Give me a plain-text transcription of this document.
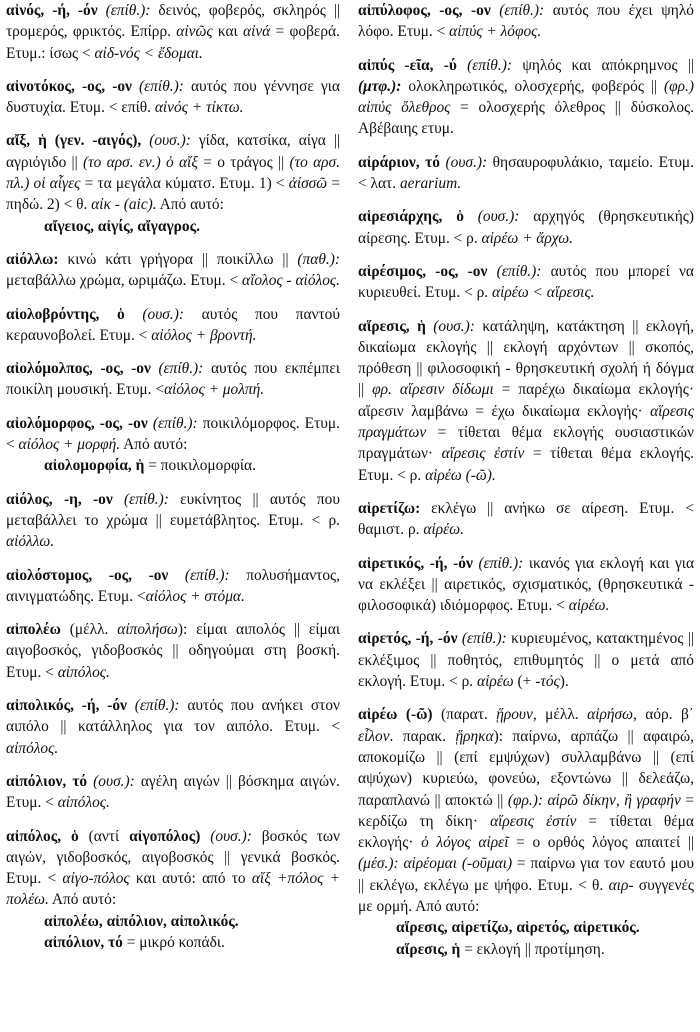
αἰνός, -ή, -όν (επίθ.): δεινός, φοβερός, σκληρός || τρομερός, φρικτός. Επίρρ. αἰνῶς και αἰνά = φοβερά. Ετυμ.: ίσως < αἰδ-νός < ἔδομαι.
αἰνοτόκος, -ος, -ον (επίθ.): αυτός που γέννησε για δυστυχία. Ετυμ. < επίθ. αἰνός + τίκτω.
αἴξ, ἡ (γεν. -αιγός), (ουσ.): γίδα, κατσίκα, αίγα || αγριόγιδο || (το αρσ. εν.) ὁ αἴξ = ο τράγος || (το αρσ. πλ.) οἱ αἶγες = τα μεγάλα κύματσ. Ετυμ. 1) < ἀίσσῶ = πηδώ. 2) < θ. αἰκ - (aic). Από αυτό:
αἴγειος, αἰγίς, αἴγαγρος.
αἰόλλω: κινώ κάτι γρήγορα || ποικίλλω || (παθ.): μεταβάλλω χρώμα, ωριμάζω. Ετυμ. < αἴολος - αἰόλος.
αἰολοβρόντης, ὁ (ουσ.): αυτός που παντού κεραυνοβολεί. Ετυμ. < αἰόλος + βροντή.
αἰολόμολπος, -ος, -ον (επίθ.): αυτός που εκπέμπει ποικίλη μουσική. Ετυμ. <αἰόλος + μολπή.
αἰολόμορφος, -ος, -ον (επίθ.): ποικιλόμορφος. Ετυμ. < αἰόλος + μορφή. Από αυτό:
αἰολομορφία, ἡ = ποικιλομορφία.
αἰόλος, -η, -ον (επίθ.): ευκίνητος || αυτός που μεταβάλλει το χρώμα || ευμετάβλητος. Ετυμ. < ρ. αἰόλλω.
αἰολόστομος, -ος, -ον (επίθ.): πολυσήμαντος, αινιγματώδης. Ετυμ. <αἰόλος + στόμα.
αἰπολέω (μέλλ. αἰπολήσω): είμαι αιπολός || είμαι αιγοβοσκός, γιδοβοσκός || οδηγούμαι στη βοσκή. Ετυμ. < αἰπόλος.
αἰπολικός, -ή, -όν (επίθ.): αυτός που ανήκει στον αιπόλο || κατάλληλος για τον αιπόλο. Ετυμ. < αἰπόλος.
αἰπόλιον, τό (ουσ.): αγέλη αιγών || βόσκημα αιγών. Ετυμ. < αἰπόλος.
αἰπόλος, ὁ (αντί αἰγοπόλος) (ουσ.): βοσκός των αιγών, γιδοβοσκός, αιγοβοσκός || γενικά βοσκός. Ετυμ. < αἰγο-πόλος και αυτό: από το αἴξ +πόλος + πολέω. Από αυτό:
αἰπολέω, αἰπόλιον, αἰπολικός.
αἰπόλιον, τό = μικρό κοπάδι.
αἰπύλοφος, -ος, -ον (επίθ.): αυτός που έχει ψηλό λόφο. Ετυμ. < αἰπύς + λόφος.
αἰπύς -εῖα, -ύ (επίθ.): ψηλός και απόκρημνος || (μτφ.): ολοκληρωτικός, ολοσχερής, φοβερός || (φρ.) αἰπύς ὄλεθρος = ολοσχερής όλεθρος || δύσκολος. Αβέβαιης ετυμ.
αἰράριον, τό (ουσ.): θησαυροφυλάκιο, ταμείο. Ετυμ. < λατ. aerarium.
αἱρεσιάρχης, ὁ (ουσ.): αρχηγός (θρησκευτικής) αίρεσης. Ετυμ. < ρ. αἱρέω + ἄρχω.
αἱρέσιμος, -ος, -ον (επίθ.): αυτός που μπορεί να κυριευθεί. Ετυμ. < ρ. αἱρέω < αἵρεσις.
αἵρεσις, ἡ (ουσ.): κατάληψη, κατάκτηση || εκλογή, δικαίωμα εκλογής || εκλογή αρχόντων || σκοπός, πρόθεση || φιλοσοφική - θρησκευτική σχολή ή δόγμα || φρ. αἵρεσιν δίδωμι = παρέχω δικαίωμα εκλογής· αἵρεσιν λαμβάνω = έχω δικαίωμα εκλογής· αἵρεσις πραγμάτων = τίθεται θέμα εκλογής ουσιαστικών πραγμάτων· αἵρεσις ἐστίν = τίθεται θέμα εκλογής. Ετυμ. < ρ. αἱρέω (-ῶ).
αἱρετίζω: εκλέγω || ανήκω σε αίρεση. Ετυμ. < θαμιστ. ρ. αἱρέω.
αἱρετικός, -ή, -όν (επίθ.): ικανός για εκλογή και για να εκλέξει || αιρετικός, σχισματικός, (θρησκευτικά - φιλοσοφικά) ιδιόμορφος. Ετυμ. < αἱρέω.
αἱρετός, -ή, -όν (επίθ.): κυριευμένος, κατακτημένος || εκλέξιμος || ποθητός, επιθυμητός || ο μετά από εκλογή. Ετυμ. < ρ. αἱρέω (+ -τός).
αἱρέω (-ῶ) (παρατ. ᾕρουν, μέλλ. αἱρήσω, αόρ. β΄ εἷλον. παρακ. ᾕρηκα): παίρνω, αρπάζω || αφαιρώ, αποκομίζω || (επί εμψύχων) συλλαμβάνω || (επί αψύχων) κυριεύω, φονεύω, εξοντώνω || δελεάζω, παραπλανώ || αποκτώ || (φρ.): αἱρῶ δίκην, ἢ γραφήν = κερδίζω τη δίκη· αἵρεσις ἐστίν = τίθεται θέμα εκλογής· ὁ λόγος αἱρεῖ = ο ορθός λόγος απαιτεί || (μέσ.): αἱρέομαι (-οῦμαι) = παίρνω για τον εαυτό μου || εκλέγω, εκλέγω με ψήφο. Ετυμ. < θ. αιρ- συγγενές με ορμή. Από αυτό:
αἵρεσις, αἱρετίζω, αἱρετός, αἱρετικός.
αἵρεσις, ἡ = εκλογή || προτίμηση.
